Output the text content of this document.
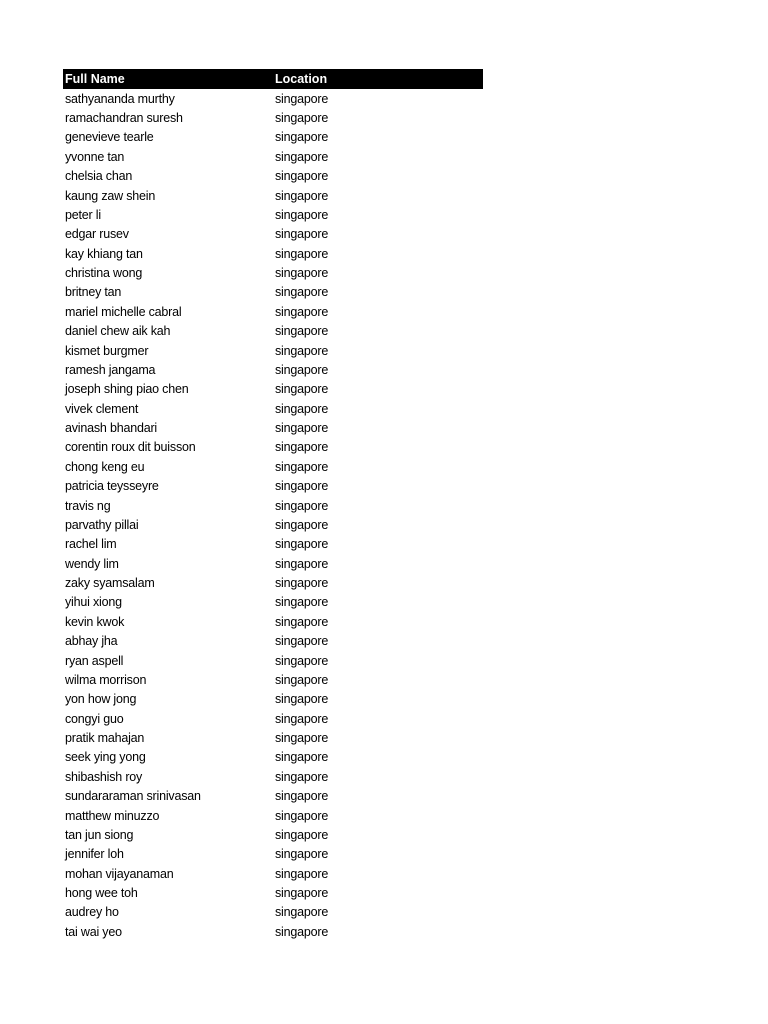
Full Name	Location
sathyananda murthy	singapore
ramachandran suresh	singapore
genevieve tearle	singapore
yvonne tan	singapore
chelsia chan	singapore
kaung zaw shein	singapore
peter li	singapore
edgar rusev	singapore
kay khiang tan	singapore
christina wong	singapore
britney tan	singapore
mariel michelle cabral	singapore
daniel chew aik kah	singapore
kismet burgmer	singapore
ramesh jangama	singapore
joseph shing piao chen	singapore
vivek clement	singapore
avinash bhandari	singapore
corentin roux dit buisson	singapore
chong keng eu	singapore
patricia teysseyre	singapore
travis ng	singapore
parvathy pillai	singapore
rachel lim	singapore
wendy lim	singapore
zaky syamsalam	singapore
yihui xiong	singapore
kevin kwok	singapore
abhay jha	singapore
ryan aspell	singapore
wilma morrison	singapore
yon how jong	singapore
congyi guo	singapore
pratik mahajan	singapore
seek ying yong	singapore
shibashish roy	singapore
sundararaman srinivasan	singapore
matthew minuzzo	singapore
tan jun siong	singapore
jennifer loh	singapore
mohan vijayanaman	singapore
hong wee toh	singapore
audrey ho	singapore
tai wai yeo	singapore
